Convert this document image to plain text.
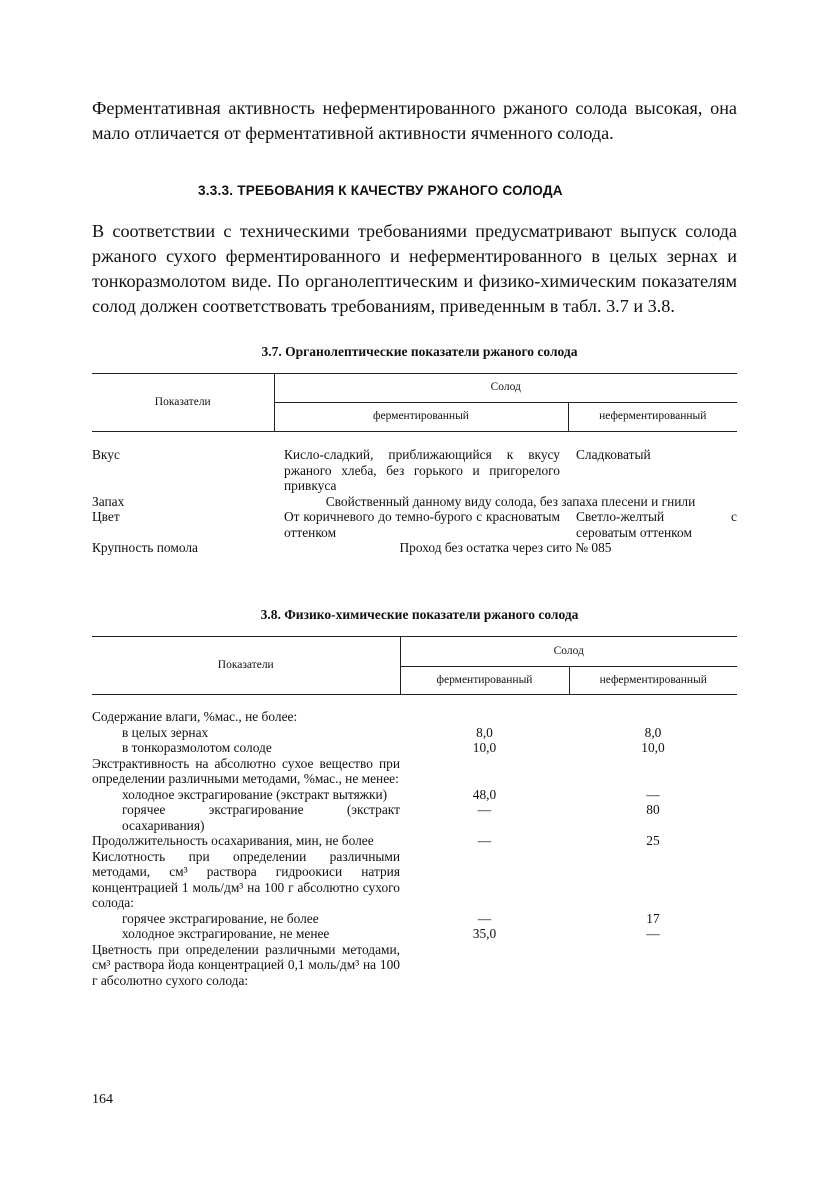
Ферментативная активность неферментированного ржаного солода высокая, она мало отличается от ферментативной активности ячменного солода.

3.3.3. ТРЕБОВАНИЯ К КАЧЕСТВУ РЖАНОГО СОЛОДА

В соответствии с техническими требованиями предусматривают выпуск солода ржаного сухого ферментированного и неферментированного в целых зернах и тонкоразмолотом виде. По органолептическим и физико-химическим показателям солод должен соответствовать требованиям, приведенным в табл. 3.7 и 3.8.

3.7. Органолептические показатели ржаного солода
Показатели	Солод	
	ферментированный	неферментированный
Вкус	Кисло-сладкий, приближающийся к вкусу ржаного хлеба, без горького и пригорелого привкуса	Сладковатый
Запах	Свойственный данному виду солода, без запаха плесени и гнили	
Цвет	От коричневого до темно-бурого с красноватым оттенком	Светло-желтый с сероватым оттенком
Крупность помола	Проход без остатка через сито № 085	
3.8. Физико-химические показатели ржаного солода
Показатели	Солод	
	ферментированный	неферментированный
Содержание влаги, %мас., не более:		
в целых зернах	8,0	8,0
в тонкоразмолотом солоде	10,0	10,0
Экстрактивность на абсолютно сухое вещество при определении различными методами, %мас., не менее:		
холодное экстрагирование (экстракт вытяжки)	48,0	—
горячее экстрагирование (экстракт осахаривания)	—	80
Продолжительность осахаривания, мин, не более	—	25
Кислотность при определении различными методами, см³ раствора гидроокиси натрия концентрацией 1 моль/дм³ на 100 г абсолютно сухого солода:		
горячее экстрагирование, не более	—	17
холодное экстрагирование, не менее	35,0	—
Цветность при определении различными методами, см³ раствора йода концентрацией 0,1 моль/дм³ на 100 г абсолютно сухого солода:		
164
